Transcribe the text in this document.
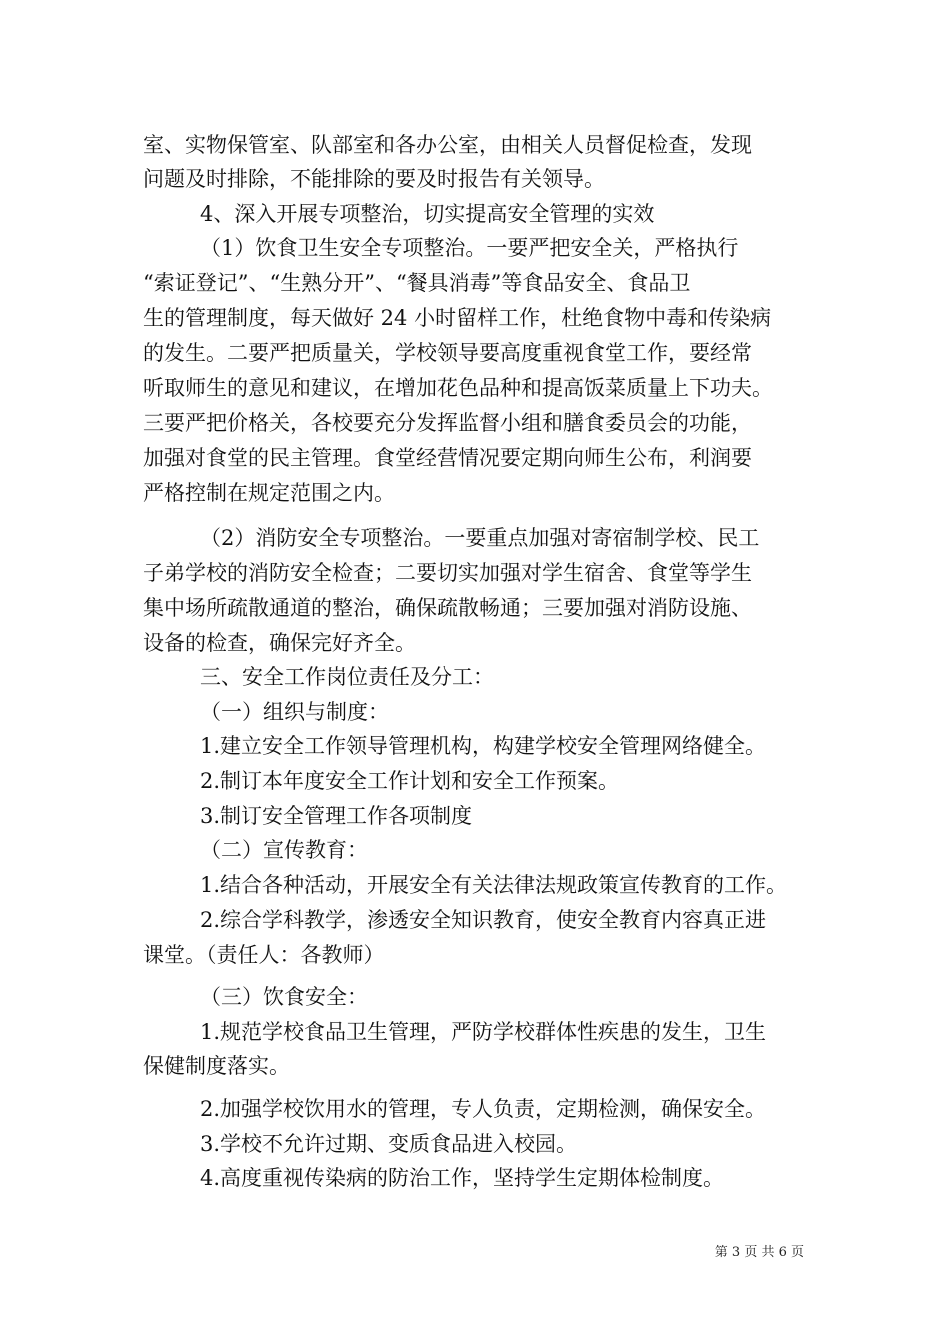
室、实物保管室、队部室和各办公室，由相关人员督促检查，发现
问题及时排除，不能排除的要及时报告有关领导。
4、深入开展专项整治，切实提高安全管理的实效
（1）饮食卫生安全专项整治。一要严把安全关，严格执行
“索证登记”、“生熟分开”、“餐具消毒”等食品安全、食品卫
生的管理制度，每天做好 24 小时留样工作，杜绝食物中毒和传染病
的发生。二要严把质量关，学校领导要高度重视食堂工作，要经常
听取师生的意见和建议，在增加花色品种和提高饭菜质量上下功夫。
三要严把价格关，各校要充分发挥监督小组和膳食委员会的功能，
加强对食堂的民主管理。食堂经营情况要定期向师生公布，利润要
严格控制在规定范围之内。
（2）消防安全专项整治。一要重点加强对寄宿制学校、民工
子弟学校的消防安全检查；二要切实加强对学生宿舍、食堂等学生
集中场所疏散通道的整治，确保疏散畅通；三要加强对消防设施、
设备的检查，确保完好齐全。
三、安全工作岗位责任及分工：
（一）组织与制度：
1.建立安全工作领导管理机构，构建学校安全管理网络健全。
2.制订本年度安全工作计划和安全工作预案。
3.制订安全管理工作各项制度
（二）宣传教育：
1.结合各种活动，开展安全有关法律法规政策宣传教育的工作。
2.综合学科教学，渗透安全知识教育，使安全教育内容真正进
课堂。（责任人：各教师）
（三）饮食安全：
1.规范学校食品卫生管理，严防学校群体性疾患的发生，卫生
保健制度落实。
2.加强学校饮用水的管理，专人负责，定期检测，确保安全。
3.学校不允许过期、变质食品进入校园。
4.高度重视传染病的防治工作，坚持学生定期体检制度。
第 3 页 共 6 页
